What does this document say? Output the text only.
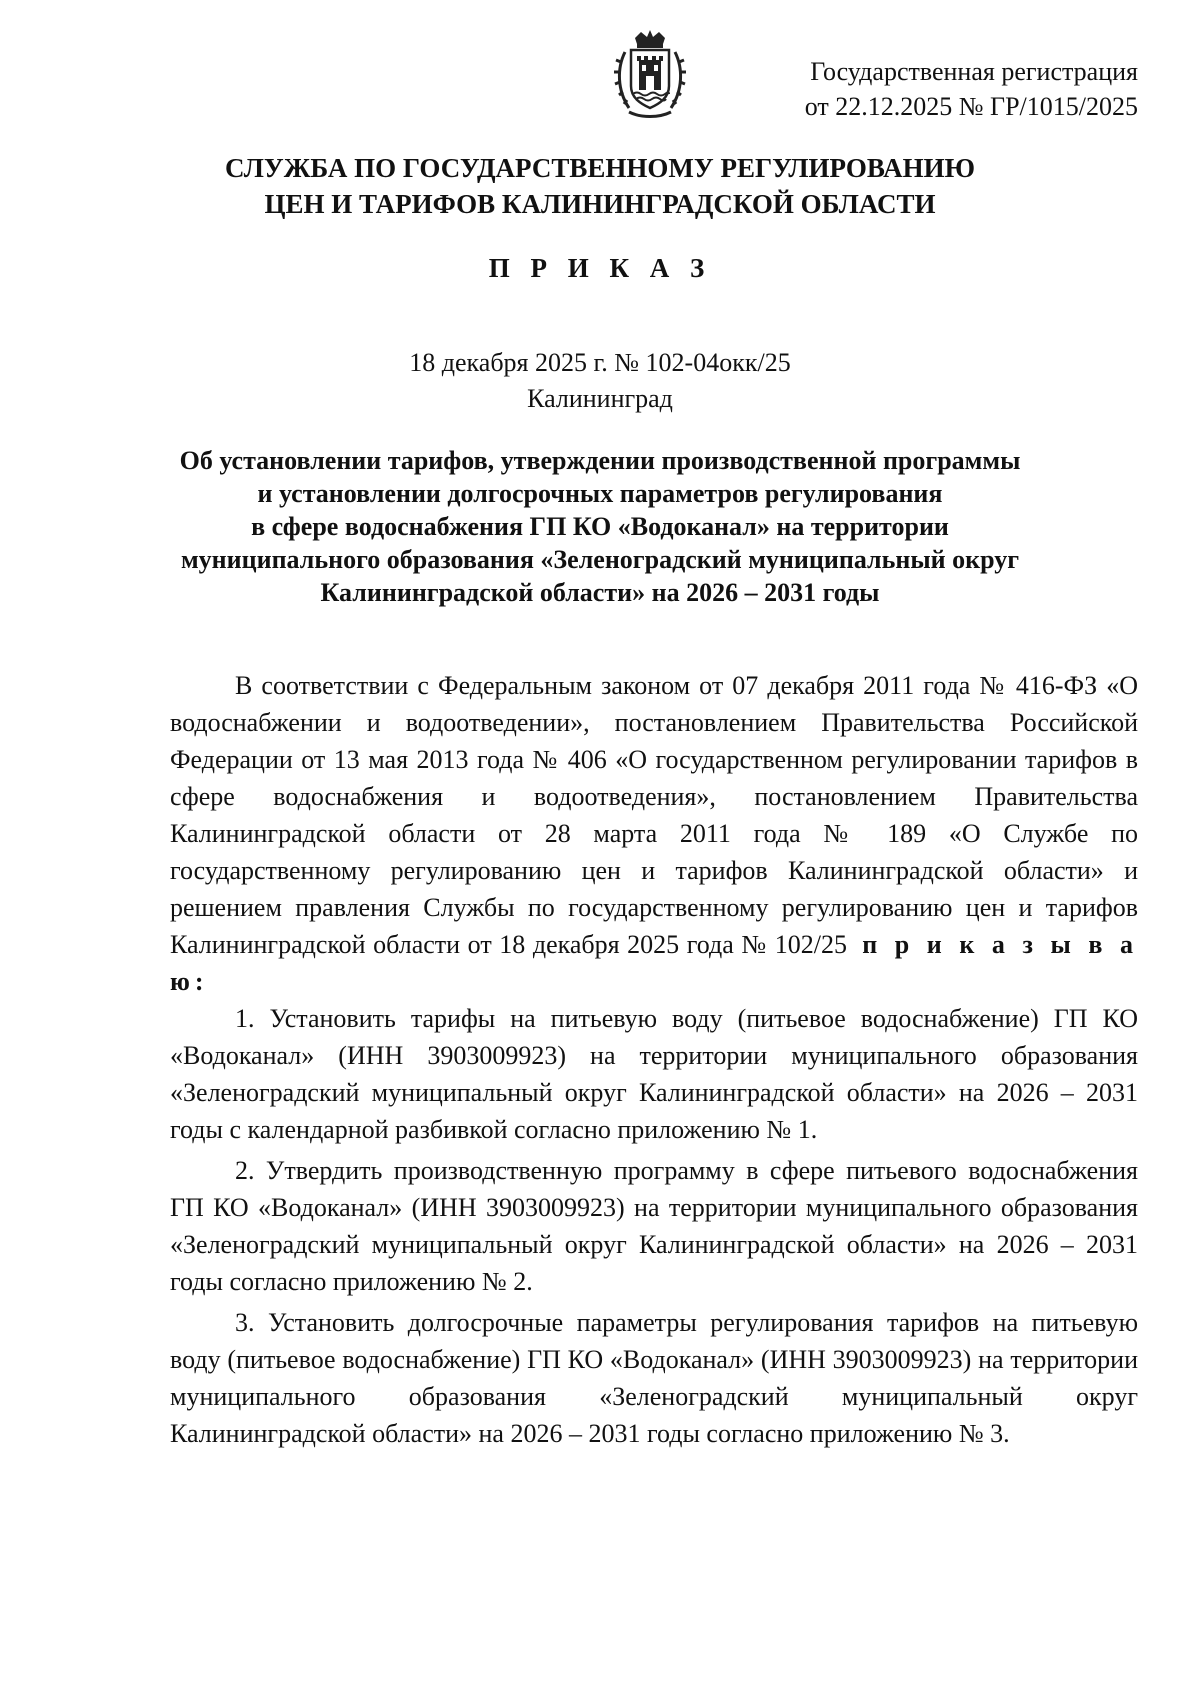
Государственная регистрация
от 22.12.2025 № ГР/1015/2025
СЛУЖБА ПО ГОСУДАРСТВЕННОМУ РЕГУЛИРОВАНИЮ
ЦЕН И ТАРИФОВ КАЛИНИНГРАДСКОЙ ОБЛАСТИ
П Р И К А З
18 декабря 2025 г. № 102-04окк/25
Калининград
Об установлении тарифов, утверждении производственной программы
и установлении долгосрочных параметров регулирования
в сфере водоснабжения ГП КО «Водоканал» на территории
муниципального образования «Зеленоградский муниципальный округ
Калининградской области» на 2026 – 2031 годы

В соответствии с Федеральным законом от 07 декабря 2011 года № 416-ФЗ «О водоснабжении и водоотведении», постановлением Правительства Российской Федерации от 13 мая 2013 года № 406 «О государственном регулировании тарифов в сфере водоснабжения и водоотведения», постановлением Правительства Калининградской области от 28 марта 2011 года № 189 «О Службе по государственному регулированию цен и тарифов Калининградской области» и решением правления Службы по государственному регулированию цен и тарифов Калининградской области от 18 декабря 2025 года № 102/25 п р и к а з ы в а ю:

1. Установить тарифы на питьевую воду (питьевое водоснабжение) ГП КО «Водоканал» (ИНН 3903009923) на территории муниципального образования «Зеленоградский муниципальный округ Калининградской области» на 2026 – 2031 годы с календарной разбивкой согласно приложению № 1.

2. Утвердить производственную программу в сфере питьевого водоснабжения ГП КО «Водоканал» (ИНН 3903009923) на территории муниципального образования «Зеленоградский муниципальный округ Калининградской области» на 2026 – 2031 годы согласно приложению № 2.

3. Установить долгосрочные параметры регулирования тарифов на питьевую воду (питьевое водоснабжение) ГП КО «Водоканал» (ИНН 3903009923) на территории муниципального образования «Зеленоградский муниципальный округ Калининградской области» на 2026 – 2031 годы согласно приложению № 3.
